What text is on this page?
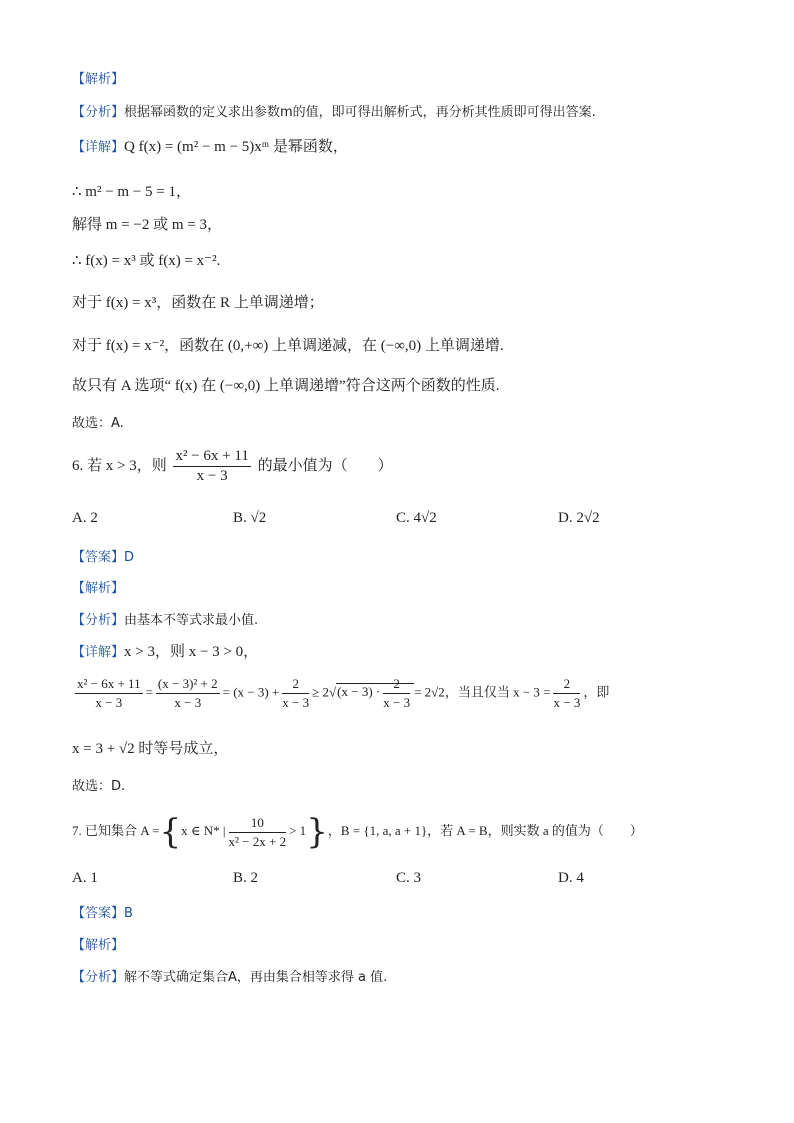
【解析】
【分析】根据幂函数的定义求出参数m的值，即可得出解析式，再分析其性质即可得出答案.
【详解】Q f(x) = (m² − m − 5)xᵐ 是幂函数，
∴ m² − m − 5 = 1，
解得 m = −2 或 m = 3，
∴ f(x) = x³ 或 f(x) = x⁻².
对于 f(x) = x³，函数在 R 上单调递增；
对于 f(x) = x⁻²，函数在 (0,+∞) 上单调递减，在 (−∞,0) 上单调递增.
故只有 A 选项“ f(x) 在 (−∞,0) 上单调递增”符合这两个函数的性质.
故选：A.
6. 若 x > 3，则 $\frac{\text{x² − 6x + 11}}{x - 3}$ 的最小值为（　　）
A. 2	B. √2	C. 4√2	D. 2√2
【答案】D
【解析】
【分析】由基本不等式求最小值.
【详解】x > 3，则 x − 3 > 0，
$\frac{\text{x² − 6x + 11}}{x - 3} = \frac{\text{(x − 3)² + 2}}{x - 3} = (x - 3) + \frac{2}{x - 3} \ge 2√(x - 3) \cdot \frac{2}{x - 3} = 2√2$，当且仅当 $x - 3 = \frac{2}{x - 3}$ ，即
x = 3 + √2 时等号成立，
故选：D.
7. 已知集合 A ={x ∈ N* | $\frac{10}{\text{x² − 2x + 2}} > 1$}，B = {1, a, a + 1}，若 A = B，则实数 a 的值为（　　）
A. 1	B. 2	C. 3	D. 4
【答案】B
【解析】
【分析】解不等式确定集合A，再由集合相等求得 a 值.
